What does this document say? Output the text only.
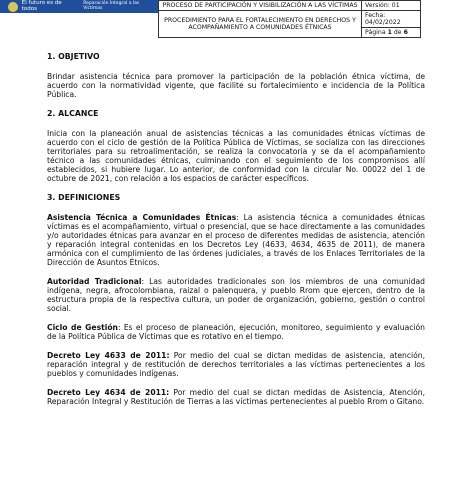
El futuro es de todos
Reparación Integral a las Víctimas	PROCESO DE PARTICIPACIÓN Y VISIBILIZACIÓN A LAS VÍCTIMAS	Versión: 01
PROCEDIMIENTO PARA EL FORTALECIMIENTO EN DERECHOS Y ACOMPAÑAMIENTO A COMUNIDADES ÉTNICAS	Fecha: 04/02/2022
	Página 1 de 6
1. OBJETIVO
Brindar asistencia técnica para promover la participación de la población étnica víctima, de acuerdo con la normatividad vigente, que facilite su fortalecimiento e incidencia de la Política Pública.
2. ALCANCE
Inicia con la planeación anual de asistencias técnicas a las comunidades étnicas víctimas de acuerdo con el ciclo de gestión de la Política Pública de Víctimas, se socializa con las direcciones territoriales para su retroalimentación, se realiza la convocatoria y se da el acompañamiento técnico a las comunidades étnicas, culminando con el seguimiento de los compromisos allí establecidos, si hubiere lugar. Lo anterior, de conformidad con la circular No. 00022 del 1 de octubre de 2021, con relación a los espacios de carácter específicos.
3. DEFINICIONES
Asistencia Técnica a Comunidades Étnicas: La asistencia técnica a comunidades étnicas víctimas es el acompañamiento, virtual o presencial, que se hace directamente a las comunidades y/o autoridades étnicas para avanzar en el proceso de diferentes medidas de asistencia, atención y reparación integral contenidas en los Decretos Ley (4633, 4634, 4635 de 2011), de manera armónica con el cumplimiento de las órdenes judiciales, a través de los Enlaces Territoriales de la Dirección de Asuntos Étnicos.
Autoridad Tradicional: Las autoridades tradicionales son los miembros de una comunidad indígena, negra, afrocolombiana, raizal o palenquera, y pueblo Rrom que ejercen, dentro de la estructura propia de la respectiva cultura, un poder de organización, gobierno, gestión o control social.
Ciclo de Gestión: Es el proceso de planeación, ejecución, monitoreo, seguimiento y evaluación de la Política Pública de Víctimas que es rotativo en el tiempo.
Decreto Ley 4633 de 2011: Por medio del cual se dictan medidas de asistencia, atención, reparación integral y de restitución de derechos territoriales a las víctimas pertenecientes a los pueblos y comunidades indígenas.
Decreto Ley 4634 de 2011: Por medio del cual se dictan medidas de Asistencia, Atención, Reparación Integral y Restitución de Tierras a las víctimas pertenecientes al pueblo Rrom o Gitano.
